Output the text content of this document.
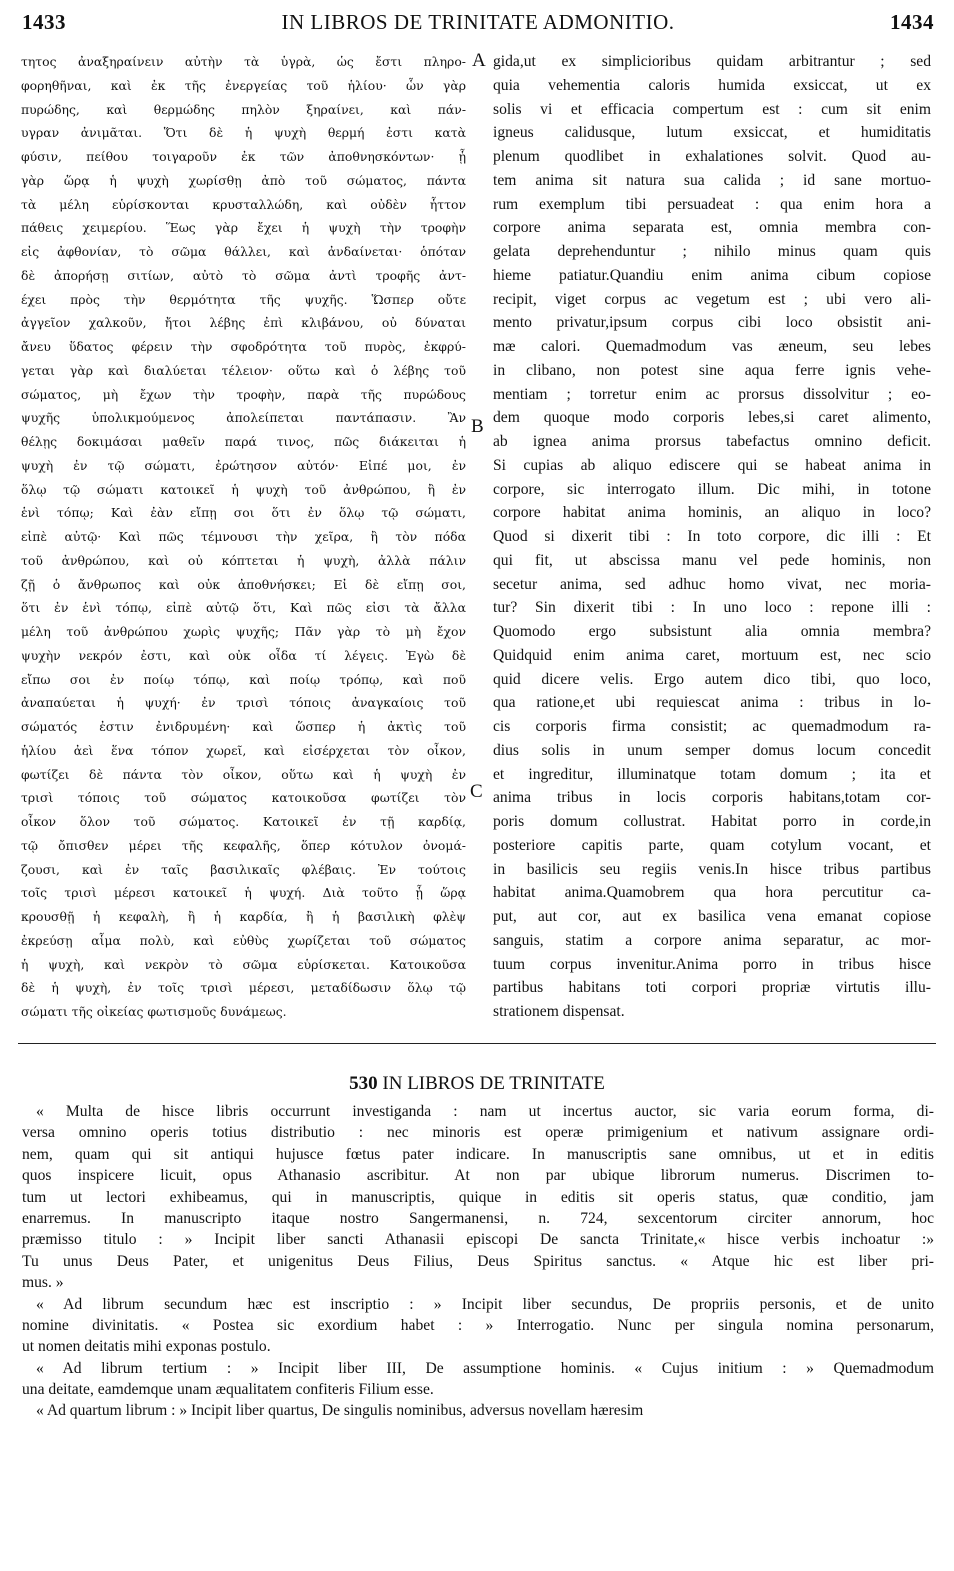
1433	IN LIBROS DE TRINITATE ADMONITIO.	1434
τητος ἀναξηραίνειν αὐτὴν τὰ ὑγρὰ, ὡς ἔστι πληρο-
φορηθῆναι, καὶ ἐκ τῆς ἐνεργείας τοῦ ἡλίου· ὧν γὰρ
πυρώδης, καὶ θερμώδης πηλὸν ξηραίνει, καὶ πάν-
υγραν ἀνιμᾶται. Ὅτι δὲ ἡ ψυχὴ θερμή ἐστι κατὰ
φύσιν, πείθου τοιγαροῦν ἐκ τῶν ἀποθνησκόντων· ᾗ
γὰρ ὥρᾳ ἡ ψυχὴ χωρίσθῃ ἀπὸ τοῦ σώματος, πάντα
τὰ μέλη εὑρίσκονται κρυσταλλώδη, καὶ οὐδὲν ἧττον
πάθεις χειμερίου. Ἕως γὰρ ἔχει ἡ ψυχὴ τὴν τροφὴν
εἰς ἀφθονίαν, τὸ σῶμα θάλλει, καὶ ἀνδαίνεται· ὁπόταν
δὲ ἀπορήσῃ σιτίων, αὐτὸ τὸ σῶμα ἀντὶ τροφῆς ἀντ-
έχει πρὸς τὴν θερμότητα τῆς ψυχῆς. Ὥσπερ οὔτε
ἀγγεῖον χαλκοῦν, ἤτοι λέβης ἐπὶ κλιβάνου, οὐ δύναται
ἄνευ ὕδατος φέρειν τὴν σφοδρότητα τοῦ πυρὸς, ἐκφρύ-
γεται γὰρ καὶ διαλύεται τέλειον· οὕτω καὶ ὁ λέβης τοῦ
σώματος, μὴ ἔχων τὴν τροφὴν, παρὰ τῆς πυρώδους
ψυχῆς ὑπολικμούμενος ἀπολείπεται παντάπασιν. Ἂν
θέλῃς δοκιμάσαι μαθεῖν παρά τινος, πῶς διάκειται ἡ
ψυχὴ ἐν τῷ σώματι, ἐρώτησον αὐτόν· Εἰπέ μοι, ἐν
ὅλῳ τῷ σώματι κατοικεῖ ἡ ψυχὴ τοῦ ἀνθρώπου, ἢ ἐν
ἑνὶ τόπῳ; Καὶ ἐὰν εἴπῃ σοι ὅτι ἐν ὅλῳ τῷ σώματι,
εἰπὲ αὐτῷ· Καὶ πῶς τέμνουσι τὴν χεῖρα, ἢ τὸν πόδα
τοῦ ἀνθρώπου, καὶ οὐ κόπτεται ἡ ψυχὴ, ἀλλὰ πάλιν
ζῇ ὁ ἄνθρωπος καὶ οὐκ ἀποθνήσκει; Εἰ δὲ εἴπῃ σοι,
ὅτι ἐν ἑνὶ τόπῳ, εἰπὲ αὐτῷ ὅτι, Καὶ πῶς εἰσι τὰ ἄλλα
μέλη τοῦ ἀνθρώπου χωρὶς ψυχῆς; Πᾶν γὰρ τὸ μὴ ἔχον
ψυχὴν νεκρόν ἐστι, καὶ οὐκ οἶδα τί λέγεις. Ἐγὼ δὲ
εἴπω σοι ἐν ποίῳ τόπῳ, καὶ ποίῳ τρόπῳ, καὶ ποῦ
ἀναπαύεται ἡ ψυχή· ἐν τρισὶ τόποις ἀναγκαίοις τοῦ
σώματός ἐστιν ἐνιδρυμένη· καὶ ὥσπερ ἡ ἀκτὶς τοῦ
ἡλίου ἀεὶ ἕνα τόπον χωρεῖ, καὶ εἰσέρχεται τὸν οἶκον,
φωτίζει δὲ πάντα τὸν οἶκον, οὕτω καὶ ἡ ψυχὴ ἐν
τρισὶ τόποις τοῦ σώματος κατοικοῦσα φωτίζει τὸν
οἶκον ὅλον τοῦ σώματος. Κατοικεῖ ἐν τῇ καρδίᾳ,
τῷ ὄπισθεν μέρει τῆς κεφαλῆς, ὅπερ κότυλον ὀνομά-
ζουσι, καὶ ἐν ταῖς βασιλικαῖς φλέβαις. Ἐν τούτοις
τοῖς τρισὶ μέρεσι κατοικεῖ ἡ ψυχή. Διὰ τοῦτο ᾗ ὥρᾳ
κρουσθῇ ἡ κεφαλὴ, ἢ ἡ καρδία, ἢ ἡ βασιλικὴ φλὲψ
ἐκρεύσῃ αἷμα πολὺ, καὶ εὐθὺς χωρίζεται τοῦ σώματος
ἡ ψυχὴ, καὶ νεκρὸν τὸ σῶμα εὑρίσκεται. Κατοικοῦσα
δὲ ἡ ψυχὴ, ἐν τοῖς τρισὶ μέρεσι, μεταδίδωσιν ὅλῳ τῷ
σώματι τῆς οἰκείας φωτισμοῦς δυνάμεως.
gida,ut ex simplicioribus quidam arbitrantur ; sed
quia vehementia caloris humida exsiccat, ut ex
solis vi et efficacia compertum est : cum sit enim
igneus calidusque, lutum exsiccat, et humiditatis
plenum quodlibet in exhalationes solvit. Quod au-
tem anima sit natura sua calida ; id sane mortuo-
rum exemplum tibi persuadeat : qua enim hora a
corpore anima separata est, omnia membra con-
gelata deprehenduntur ; nihilo minus quam quis
hieme patiatur.Quandiu enim anima cibum copiose
recipit, viget corpus ac vegetum est ; ubi vero ali-
mento privatur,ipsum corpus cibi loco obsistit ani-
mæ calori. Quemadmodum vas æneum, seu lebes
in clibano, non potest sine aqua ferre ignis vehe-
mentiam ; torretur enim ac prorsus dissolvitur ; eo-
dem quoque modo corporis lebes,si caret alimento,
ab ignea anima prorsus tabefactus omnino deficit.
Si cupias ab aliquo ediscere qui se habeat anima in
corpore, sic interrogato illum. Dic mihi, in totone
corpore habitat anima hominis, an aliquo in loco?
Quod si dixerit tibi : In toto corpore, dic illi : Et
qui fit, ut abscissa manu vel pede hominis, non
secetur anima, sed adhuc homo vivat, nec moria-
tur? Sin dixerit tibi : In uno loco : repone illi :
Quomodo ergo subsistunt alia omnia membra?
Quidquid enim anima caret, mortuum est, nec scio
quid dicere velis. Ergo autem dico tibi, quo loco,
qua ratione,et ubi requiescat anima : tribus in lo-
cis corporis firma consistit; ac quemadmodum ra-
dius solis in unum semper domus locum concedit
et ingreditur, illuminatque totam domum ; ita et
anima tribus in locis corporis habitans,totam cor-
poris domum collustrat. Habitat porro in corde,in
posteriore capitis parte, quam cotylum vocant, et
in basilicis seu regiis venis.In hisce tribus partibus
habitat anima.Quamobrem qua hora percutitur ca-
put, aut cor, aut ex basilica vena emanat copiose
sanguis, statim a corpore anima separatur, ac mor-
tuum corpus invenitur.Anima porro in tribus hisce
partibus habitans toti corpori propriæ virtutis illu-
strationem dispensat.
A
B
C
530 IN LIBROS DE TRINITATE
« Multa de hisce libris occurrunt investiganda : nam ut incertus auctor, sic varia eorum forma, di-
versa omnino operis totius distributio : nec minoris est operæ primigenium et nativum assignare ordi-
nem, quam qui sit antiqui hujusce fœtus pater indicare. In manuscriptis sane omnibus, ut et in editis
quos inspicere licuit, opus Athanasio ascribitur. At non par ubique librorum numerus. Discrimen to-
tum ut lectori exhibeamus, qui in manuscriptis, quique in editis sit operis status, quæ conditio, jam
enarremus. In manuscripto itaque nostro Sangermanensi, n. 724, sexcentorum circiter annorum, hoc
præmisso titulo : » Incipit liber sancti Athanasii episcopi De sancta Trinitate,« hisce verbis inchoatur :»
Tu unus Deus Pater, et unigenitus Deus Filius, Deus Spiritus sanctus. « Atque hic est liber pri-
mus. »
« Ad librum secundum hæc est inscriptio : » Incipit liber secundus, De propriis personis, et de unito
nomine divinitatis. « Postea sic exordium habet : » Interrogatio. Nunc per singula nomina personarum,
ut nomen deitatis mihi exponas postulo.
« Ad librum tertium : » Incipit liber III, De assumptione hominis. « Cujus initium : » Quemadmodum
una deitate, eamdemque unam æqualitatem confiteris Filium esse.
« Ad quartum librum : » Incipit liber quartus, De singulis nominibus, adversus novellam hæresim
